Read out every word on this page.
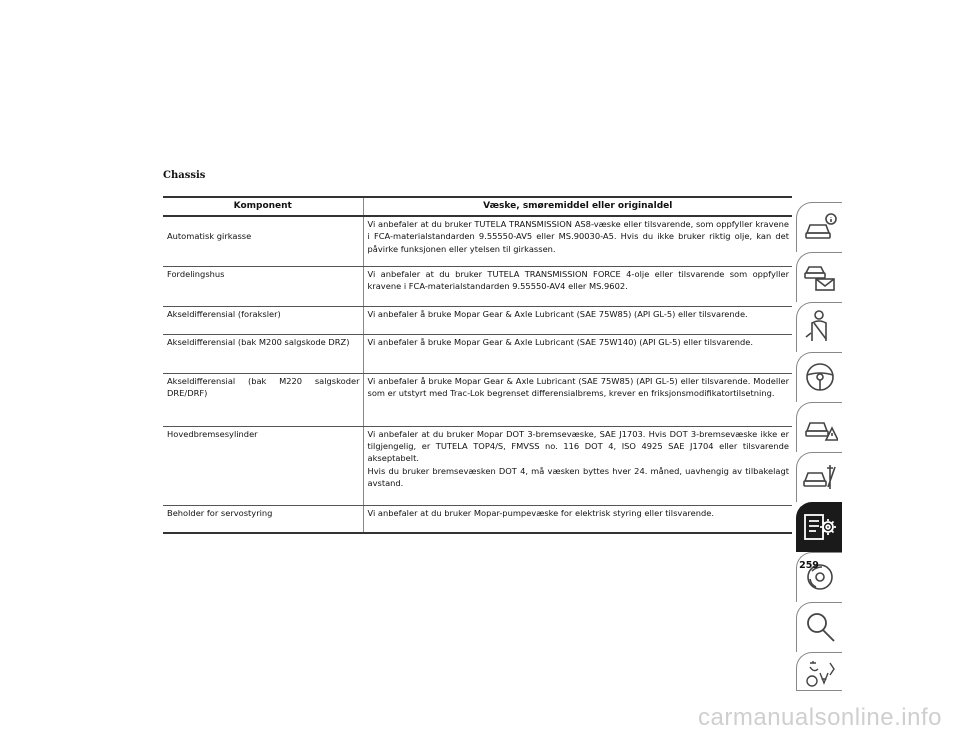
Chassis
Komponent	Væske, smøremiddel eller originaldel
Automatisk girkasse	Vi anbefaler at du bruker TUTELA TRANSMISSION AS8-væske eller tilsvarende, som oppfyller kravene i FCA-materialstandarden 9.55550-AV5 eller MS.90030-A5. Hvis du ikke bruker riktig olje, kan det påvirke funksjonen eller ytelsen til girkassen.
Fordelingshus	Vi anbefaler at du bruker TUTELA TRANSMISSION FORCE 4-olje eller tilsvarende som oppfyller kravene i FCA-materialstandarden 9.55550-AV4 eller MS.9602.
Akseldifferensial (foraksler)	Vi anbefaler å bruke Mopar Gear & Axle Lubricant (SAE 75W85) (API GL-5) eller tilsvarende.
Akseldifferensial (bak M200 salgskode DRZ)	Vi anbefaler å bruke Mopar Gear & Axle Lubricant (SAE 75W140) (API GL-5) eller tilsvarende.
Akseldifferensial (bak M220 salgskoder DRE/DRF)	Vi anbefaler å bruke Mopar Gear & Axle Lubricant (SAE 75W85) (API GL-5) eller tilsvarende. Modeller som er utstyrt med Trac-Lok begrenset differensialbrems, krever en friksjonsmodifikatortilsetning.
Hovedbremsesylinder	Vi anbefaler at du bruker Mopar DOT 3-bremsevæske, SAE J1703. Hvis DOT 3-bremsevæske ikke er tilgjengelig, er TUTELA TOP4/S, FMVSS no. 116 DOT 4, ISO 4925 SAE J1704 eller tilsvarende akseptabelt.
Hvis du bruker bremsevæsken DOT 4, må væsken byttes hver 24. måned, uavhengig av tilbakelagt avstand.

Beholder for servostyring	Vi anbefaler at du bruker Mopar-pumpevæske for elektrisk styring eller tilsvarende.
259
carmanualsonline.info
